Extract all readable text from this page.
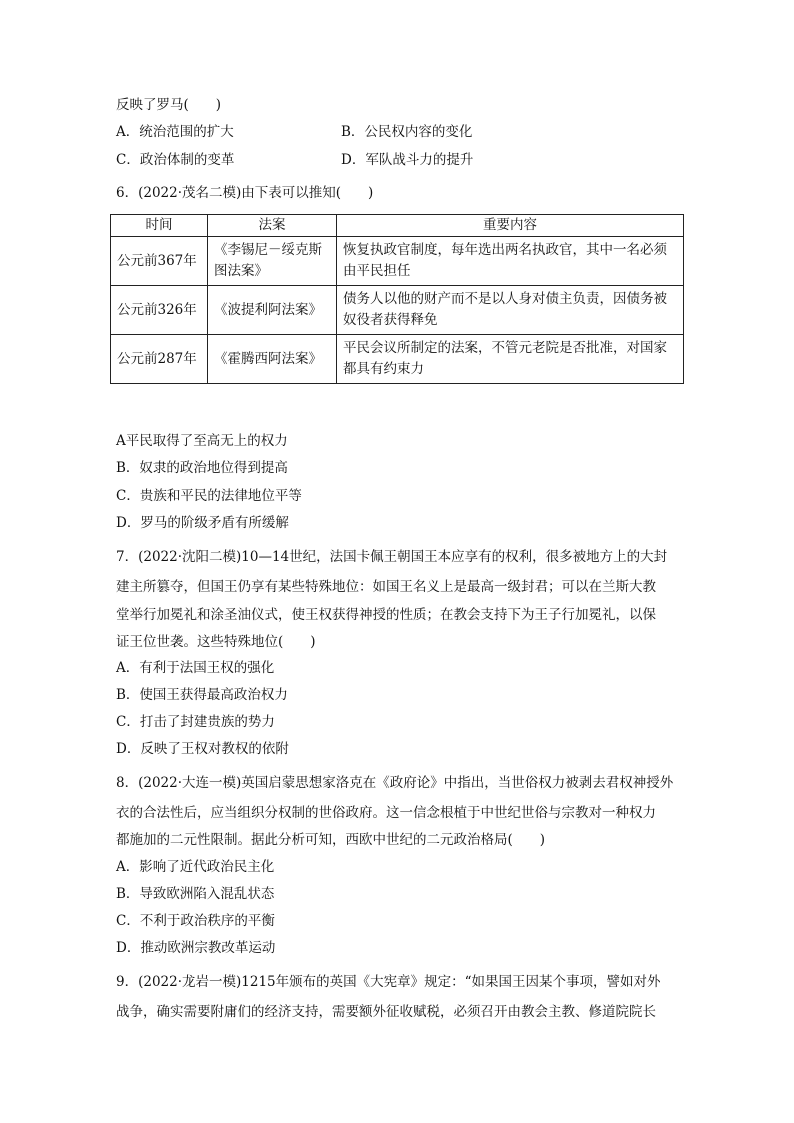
反映了罗马(　　)
A．统治范围的扩大	B．公民权内容的变化
C．政治体制的变革	D．军队战斗力的提升
6．(2022·茂名二模)由下表可以推知(　　)
时间	法案	重要内容
公元前367年	《李锡尼－绥克斯图法案》	恢复执政官制度，每年选出两名执政官，其中一名必须由平民担任
公元前326年	《波提利阿法案》	债务人以他的财产而不是以人身对债主负责，因债务被奴役者获得释免
公元前287年	《霍腾西阿法案》	平民会议所制定的法案，不管元老院是否批准，对国家都具有约束力
A平民取得了至高无上的权力
B．奴隶的政治地位得到提高
C．贵族和平民的法律地位平等
D．罗马的阶级矛盾有所缓解
7．(2022·沈阳二模)10—14世纪，法国卡佩王朝国王本应享有的权利，很多被地方上的大封
建主所篡夺，但国王仍享有某些特殊地位：如国王名义上是最高一级封君；可以在兰斯大教
堂举行加冕礼和涂圣油仪式，使王权获得神授的性质；在教会支持下为王子行加冕礼，以保
证王位世袭。这些特殊地位(　　)
A．有利于法国王权的强化
B．使国王获得最高政治权力
C．打击了封建贵族的势力
D．反映了王权对教权的依附
8．(2022·大连一模)英国启蒙思想家洛克在《政府论》中指出，当世俗权力被剥去君权神授外
衣的合法性后，应当组织分权制的世俗政府。这一信念根植于中世纪世俗与宗教对一种权力
都施加的二元性限制。据此分析可知，西欧中世纪的二元政治格局(　　)
A．影响了近代政治民主化
B．导致欧洲陷入混乱状态
C．不利于政治秩序的平衡
D．推动欧洲宗教改革运动
9．(2022·龙岩一模)1215年颁布的英国《大宪章》规定：“如果国王因某个事项，譬如对外
战争，确实需要附庸们的经济支持，需要额外征收赋税，必须召开由教会主教、修道院院长
